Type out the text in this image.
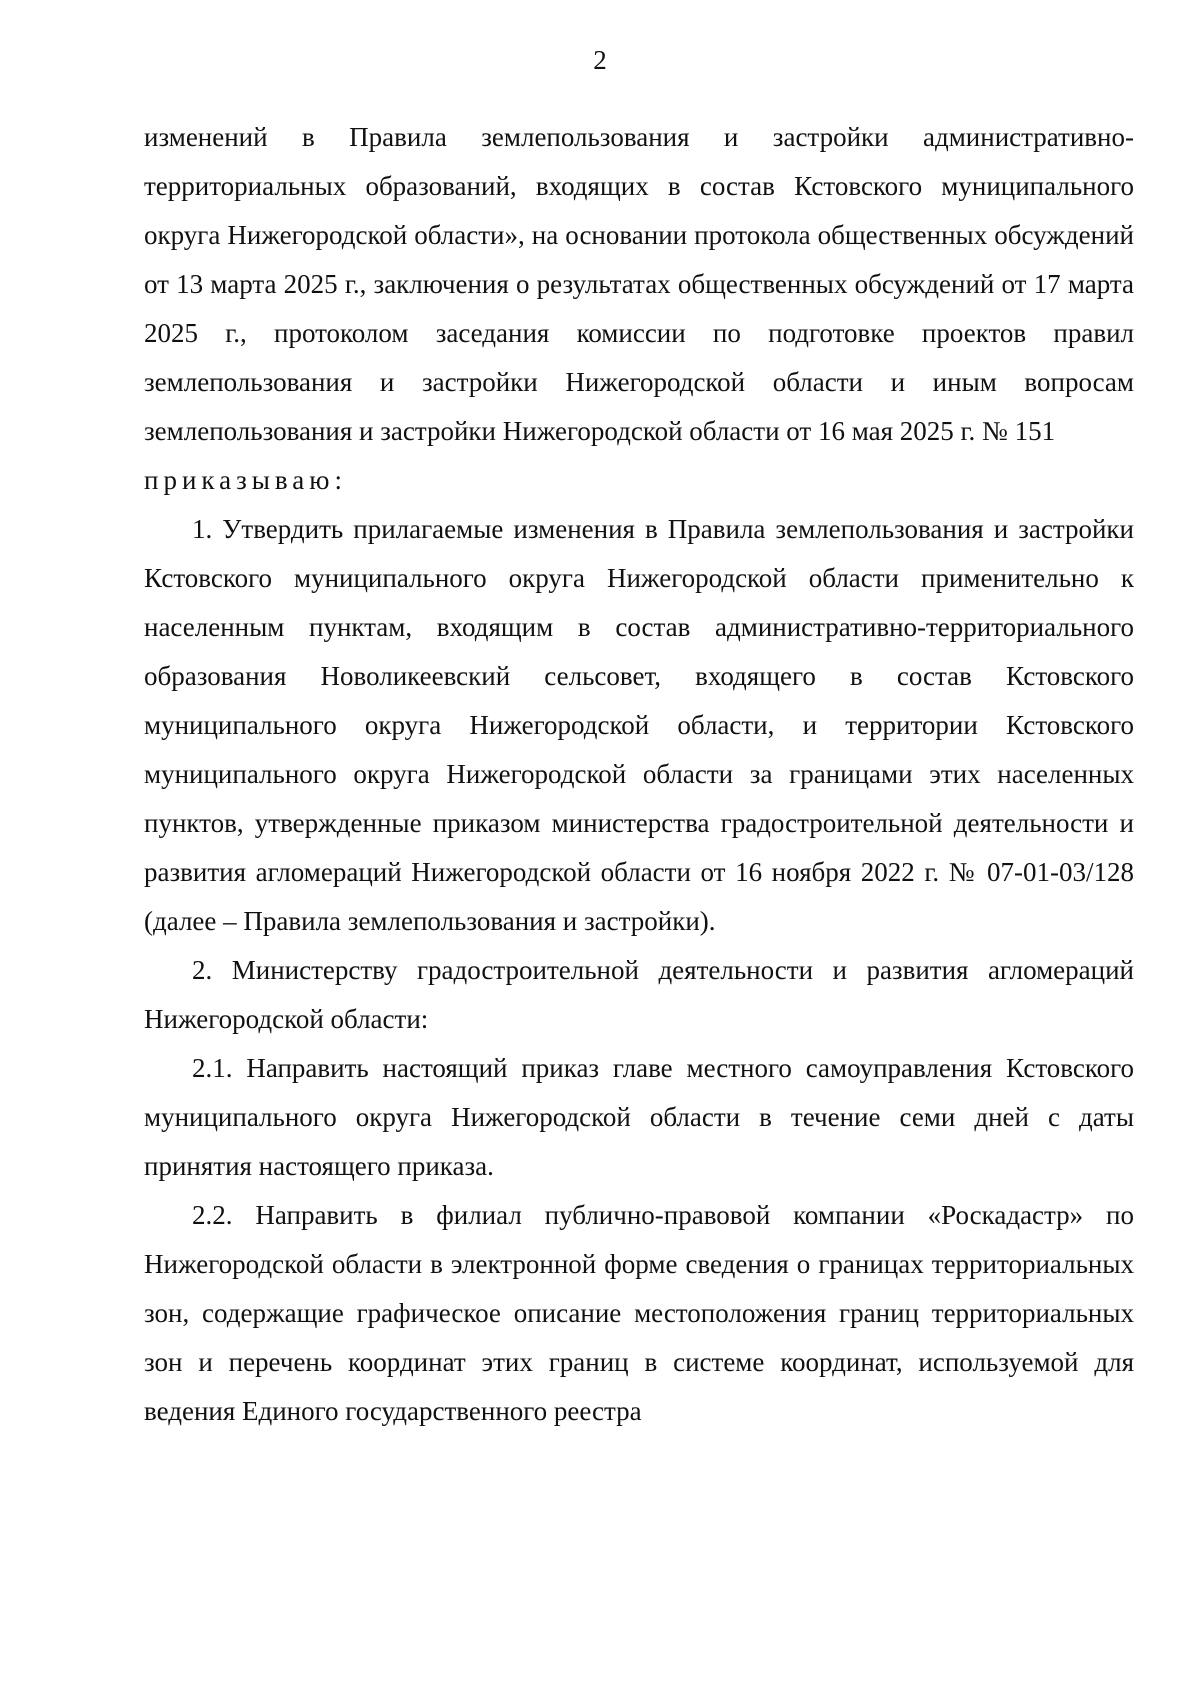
2

изменений в Правила землепользования и застройки административно-территориальных образований, входящих в состав Кстовского муниципального округа Нижегородской области», на основании протокола общественных обсуждений от 13 марта 2025 г., заключения о результатах общественных обсуждений от 17 марта 2025 г., протоколом заседания комиссии по подготовке проектов правил землепользования и застройки Нижегородской области и иным вопросам землепользования и застройки Нижегородской области от 16 мая 2025 г. № 151

приказываю:

1. Утвердить прилагаемые изменения в Правила землепользования и застройки Кстовского муниципального округа Нижегородской области применительно к населенным пунктам, входящим в состав административно-территориального образования Новоликеевский сельсовет, входящего в состав Кстовского муниципального округа Нижегородской области, и территории Кстовского муниципального округа Нижегородской области за границами этих населенных пунктов, утвержденные приказом министерства градостроительной деятельности и развития агломераций Нижегородской области от 16 ноября 2022 г. № 07-01-03/128 (далее – Правила землепользования и застройки).

2. Министерству градостроительной деятельности и развития агломераций Нижегородской области:

2.1. Направить настоящий приказ главе местного самоуправления Кстовского муниципального округа Нижегородской области в течение семи дней с даты принятия настоящего приказа.

2.2. Направить в филиал публично-правовой компании «Роскадастр» по Нижегородской области в электронной форме сведения о границах территориальных зон, содержащие графическое описание местоположения границ территориальных зон и перечень координат этих границ в системе координат, используемой для ведения Единого государственного реестра
